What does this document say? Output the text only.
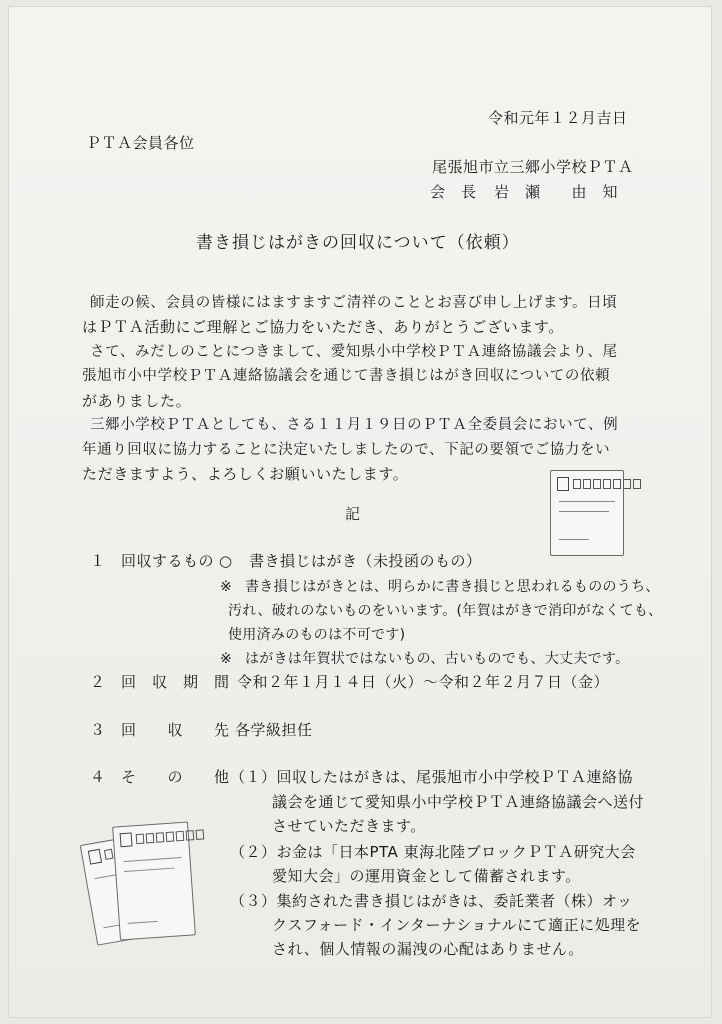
令和元年１２月吉日
ＰＴＡ会員各位
尾張旭市立三郷小学校ＰＴＡ
会　長 岩　瀬　　由　知
書き損じはがきの回収について（依頼）
師走の候、会員の皆様にはますますご清祥のこととお喜び申し上げます。日頃
はＰＴＡ活動にご理解とご協力をいただき、ありがとうございます。
さて、みだしのことにつきまして、愛知県小中学校ＰＴＡ連絡協議会より、尾
張旭市小中学校ＰＴＡ連絡協議会を通じて書き損じはがき回収についての依頼
がありました。
三郷小学校ＰＴＡとしても、さる１１月１９日のＰＴＡ全委員会において、例
年通り回収に協力することに決定いたしましたので、下記の要領でご協力をい
ただきますよう、よろしくお願いいたします。
記
１　回収するもの ○ 書き損じはがき（未投函のもの）
※ 書き損じはがきとは、明らかに書き損じと思われるもののうち、
汚れ、破れのないものをいいます。(年賀はがきで消印がなくても、
使用済みのものは不可です)
※ はがきは年賀状ではないもの、古いものでも、大丈夫です。
２　回　収　期　間 令和２年１月１４日（火）～令和２年２月７日（金）
３　回　　収　　先 各学級担任
４　そ　　の　　他 （１）回収したはがきは、尾張旭市小中学校ＰＴＡ連絡協
議会を通じて愛知県小中学校ＰＴＡ連絡協議会へ送付
させていただきます。
（２）お金は「日本PTA 東海北陸ブロックＰＴＡ研究大会
愛知大会」の運用資金として備蓄されます。
（３）集約された書き損じはがきは、委託業者（株）オッ
クスフォード・インターナショナルにて適正に処理を
され、個人情報の漏洩の心配はありません。
